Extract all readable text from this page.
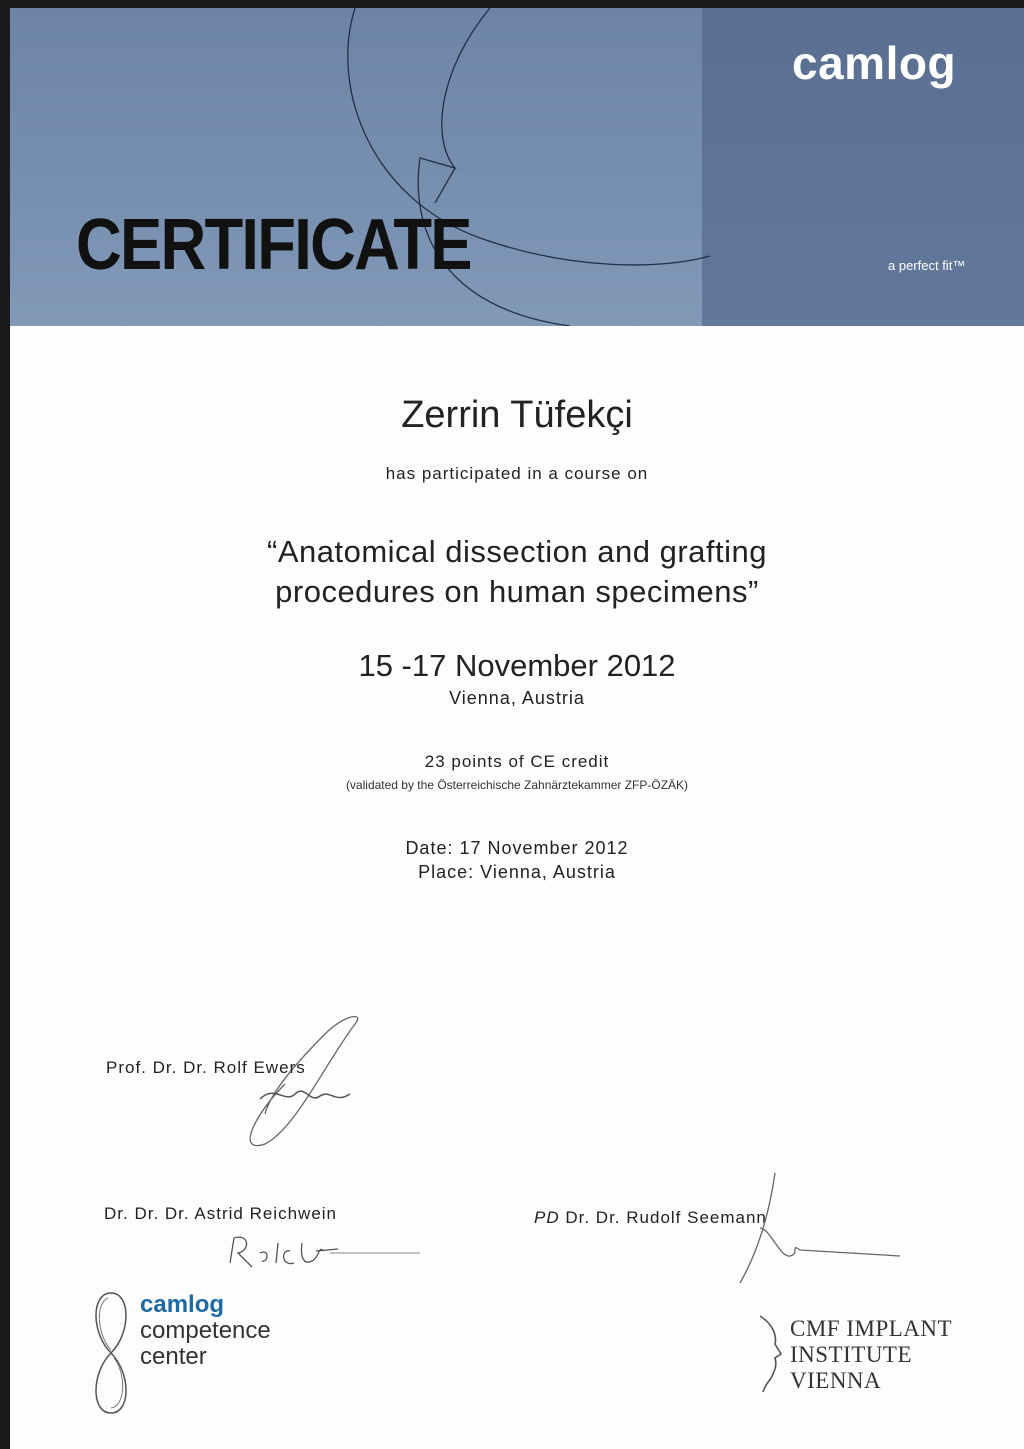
CERTIFICATE
camlog
a perfect fit™
Zerrin Tüfekçi
has participated in a course on
“Anatomical dissection and grafting
procedures on human specimens”
15 -17 November 2012
Vienna, Austria
23 points of CE credit
(validated by the Österreichische Zahnärztekammer ZFP-ÖZÄK)
Date: 17 November 2012
Place: Vienna, Austria
Prof. Dr. Dr. Rolf Ewers
Dr. Dr. Dr. Astrid Reichwein	PD Dr. Dr. Rudolf Seemann
camlog
competence
center
CMF IMPLANT
INSTITUTE
VIENNA
